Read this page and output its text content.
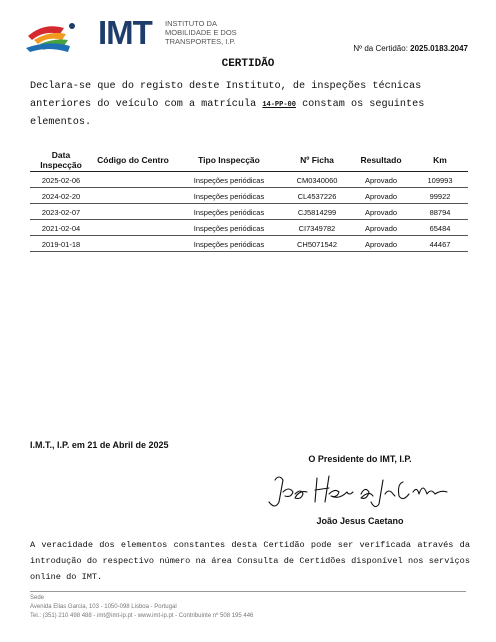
IMT INSTITUTO DA
MOBILIDADE E DOS
TRANSPORTES, I.P.
Nº da Certidão: 2025.0183.2047
CERTIDÃO
Declara-se que do registo deste Instituto, de inspeções técnicas anteriores do veículo com a matrícula 14-PP-00 constam os seguintes elementos.
Data Inspecção	Código do Centro	Tipo Inspecção	Nº Ficha	Resultado	Km
2025-02-06		Inspeções periódicas	CM0340060	Aprovado	109993
2024-02-20		Inspeções periódicas	CL4537226	Aprovado	99922
2023-02-07		Inspeções periódicas	CJ5814299	Aprovado	88794
2021-02-04		Inspeções periódicas	CI7349782	Aprovado	65484
2019-01-18		Inspeções periódicas	CH5071542	Aprovado	44467
I.M.T., I.P. em 21 de Abril de 2025
O Presidente do IMT, I.P.
João Jesus Caetano
A veracidade dos elementos constantes desta Certidão pode ser verificada através da introdução do respectivo número na área Consulta de Certidões disponível nos serviços online do IMT.
Sede
Avenida Elias Garcia, 103 - 1050-098 Lisboa - Portugal
Tel.: (351) 210 498 488 - imt@imt-ip.pt - www.imt-ip.pt - Contribuinte nº 508 195 446
